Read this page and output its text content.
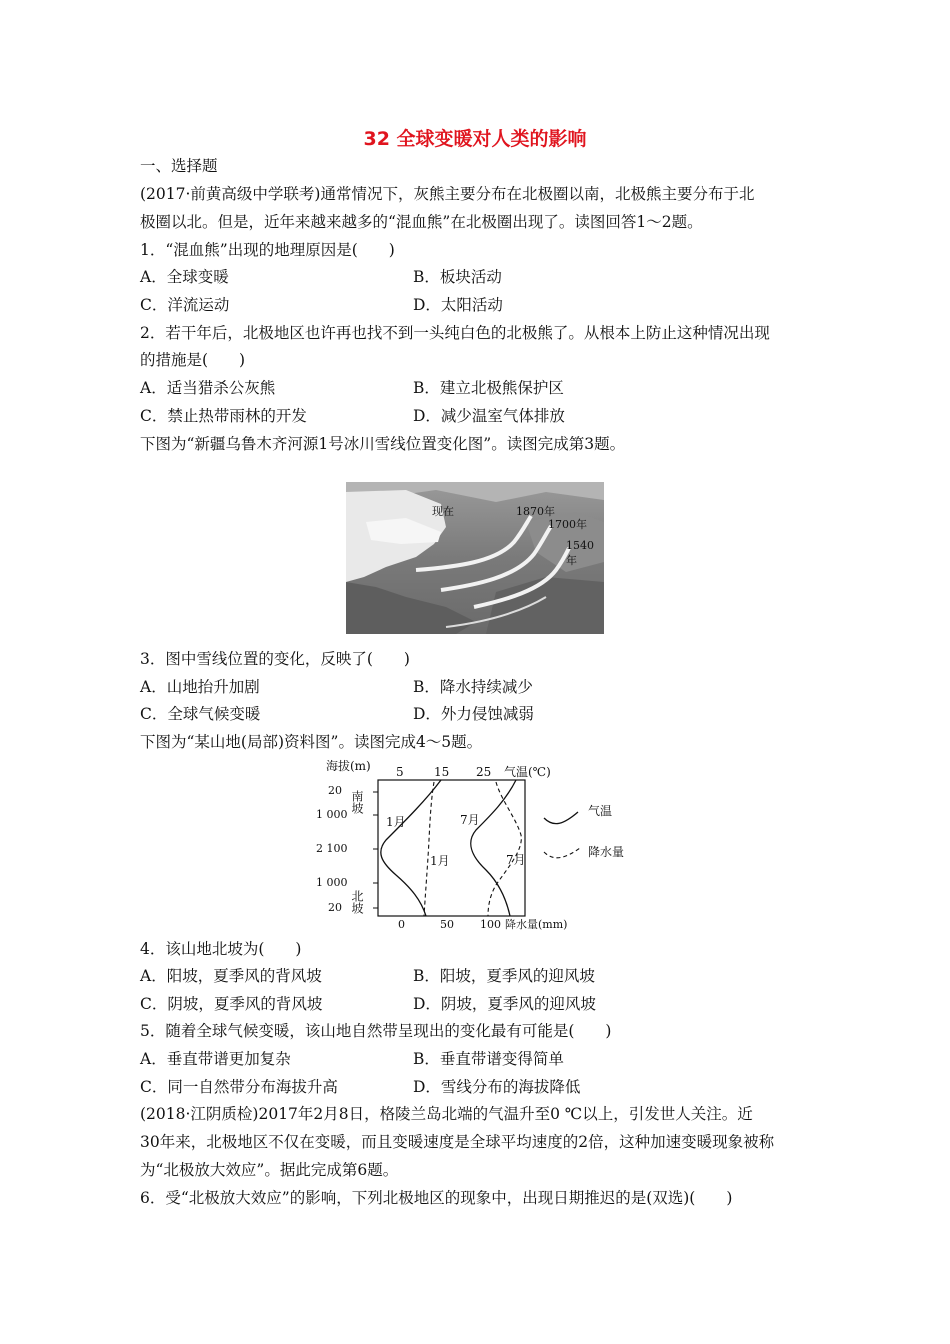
32 全球变暖对人类的影响
一、选择题
(2017·前黄高级中学联考)通常情况下，灰熊主要分布在北极圈以南，北极熊主要分布于北
极圈以北。但是，近年来越来越多的“混血熊”在北极圈出现了。读图回答1～2题。
1．“混血熊”出现的地理原因是(　　)
A．全球变暖	B．板块活动
C．洋流运动	D．太阳活动
2．若干年后，北极地区也许再也找不到一头纯白色的北极熊了。从根本上防止这种情况出现
的措施是(　　)
A．适当猎杀公灰熊	B．建立北极熊保护区
C．禁止热带雨林的开发	D．减少温室气体排放
下图为“新疆乌鲁木齐河源1号冰川雪线位置变化图”。读图完成第3题。
现在	1870年
1700年
1540年
3．图中雪线位置的变化，反映了(　　)
A．山地抬升加剧	B．降水持续减少
C．全球气候变暖	D．外力侵蚀减弱
下图为“某山地(局部)资料图”。读图完成4～5题。
海拔(m) 5	15 25 气温(℃)
20
1 000
2 100
1 000
20
南坡
北坡
1月	7月
1月	7月
0	50 100 降水量(mm)
气温
降水量
4．该山地北坡为(　　)
A．阳坡，夏季风的背风坡	B．阳坡，夏季风的迎风坡
C．阴坡，夏季风的背风坡	D．阴坡，夏季风的迎风坡
5．随着全球气候变暖，该山地自然带呈现出的变化最有可能是(　　)
A．垂直带谱更加复杂	B．垂直带谱变得简单
C．同一自然带分布海拔升高	D．雪线分布的海拔降低
(2018·江阴质检)2017年2月8日，格陵兰岛北端的气温升至0 ℃以上，引发世人关注。近
30年来，北极地区不仅在变暖，而且变暖速度是全球平均速度的2倍，这种加速变暖现象被称
为“北极放大效应”。据此完成第6题。
6．受“北极放大效应”的影响，下列北极地区的现象中，出现日期推迟的是(双选)(　　)
